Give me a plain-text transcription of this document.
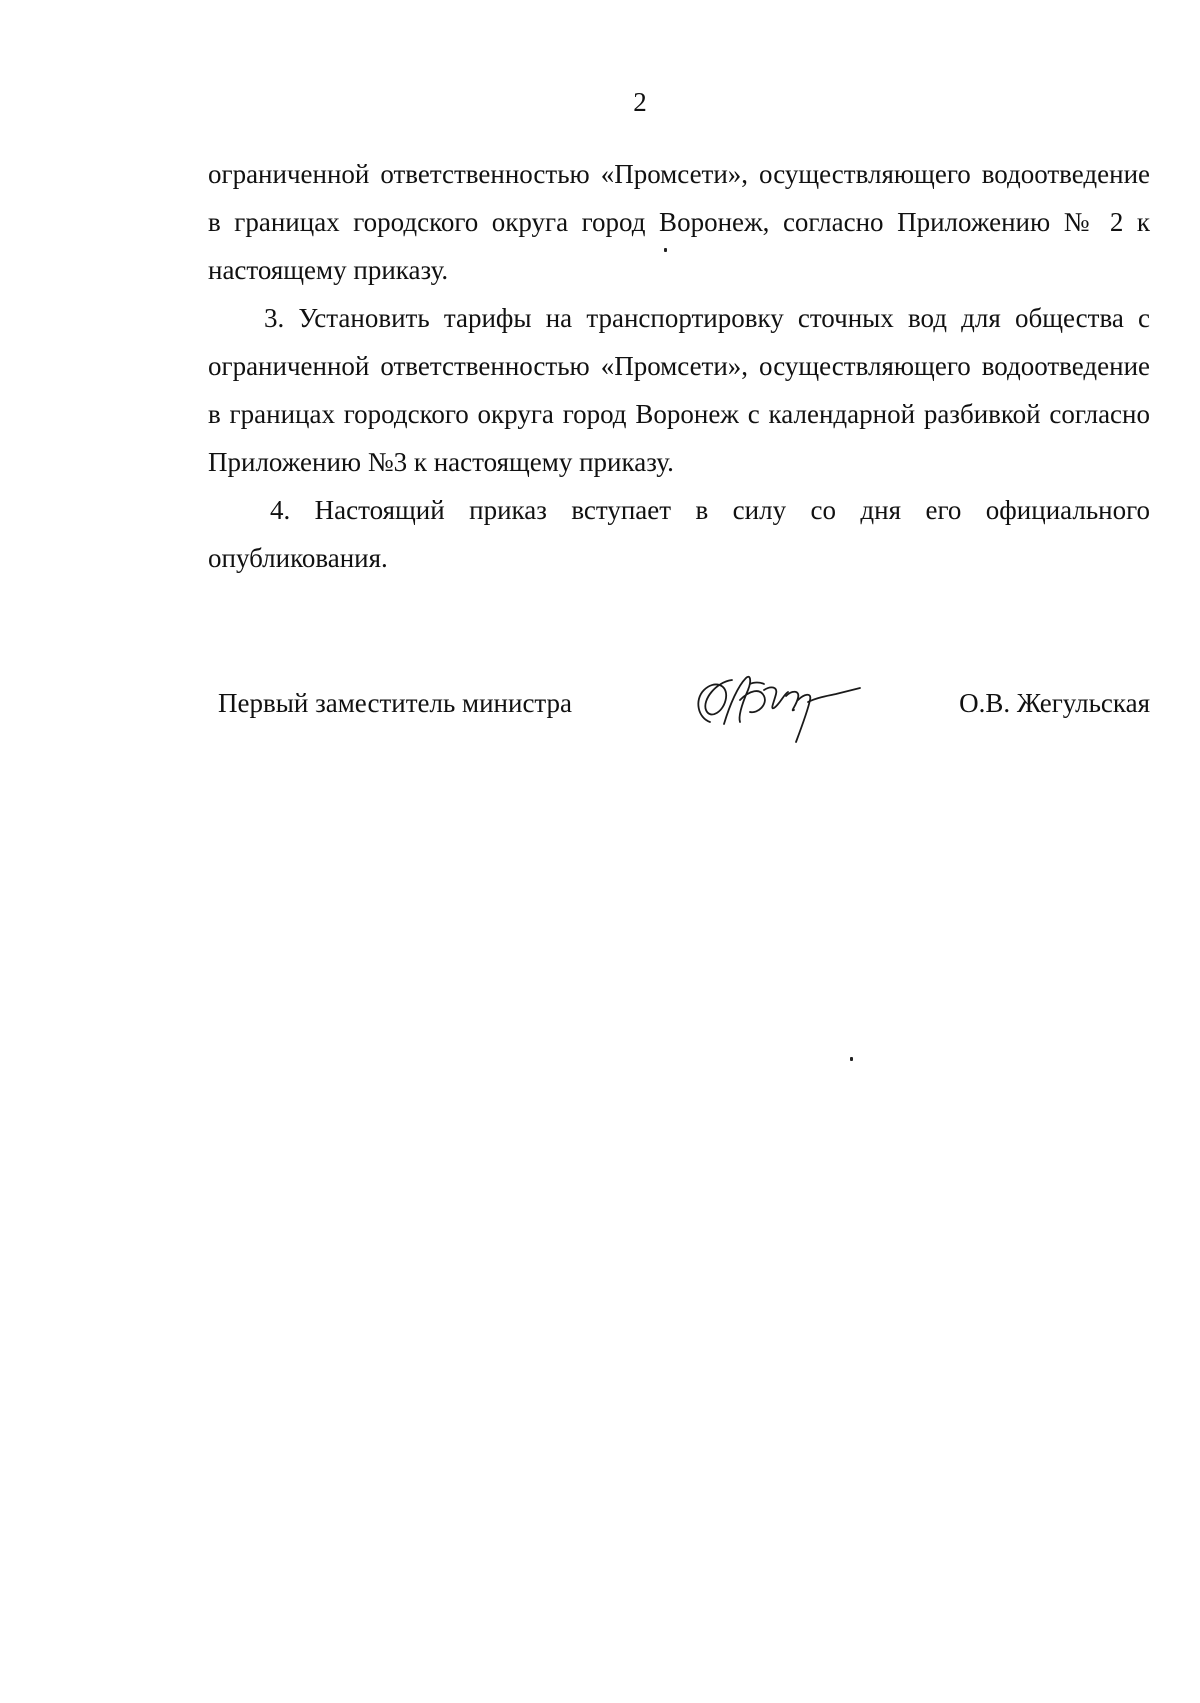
2

ограниченной ответственностью «Промсети», осуществляющего водоотведение в границах городского округа город Воронеж, согласно Приложению № 2 к настоящему приказу.

3. Установить тарифы на транспортировку сточных вод для общества с ограниченной ответственностью «Промсети», осуществляющего водоотведение в границах городского округа город Воронеж с календарной разбивкой согласно Приложению №3 к настоящему приказу.

4. Настоящий приказ вступает в силу со дня его официального опубликования.

Первый заместитель министра	О.В. Жегульская
